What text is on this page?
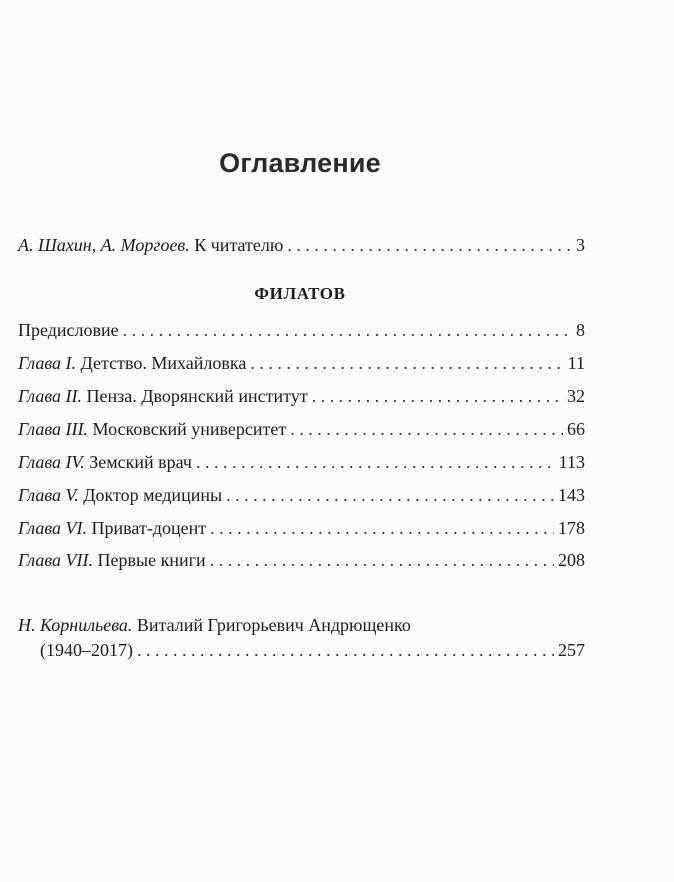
Оглавление
А. Шахин, А. Моргоев. К читателю . . .	3
ФИЛАТОВ
Предисловие . . .	8
Глава I. Детство. Михайловка . . .	11
Глава II. Пенза. Дворянский институт . . .	32
Глава III. Московский университет . . .	66
Глава IV. Земский врач . . .	113
Глава V. Доктор медицины . . .	143
Глава VI. Приват-доцент . . .	178
Глава VII. Первые книги . . .	208
Н. Корнильева. Виталий Григорьевич Андрющенко
(1940–2017) . . .	257
